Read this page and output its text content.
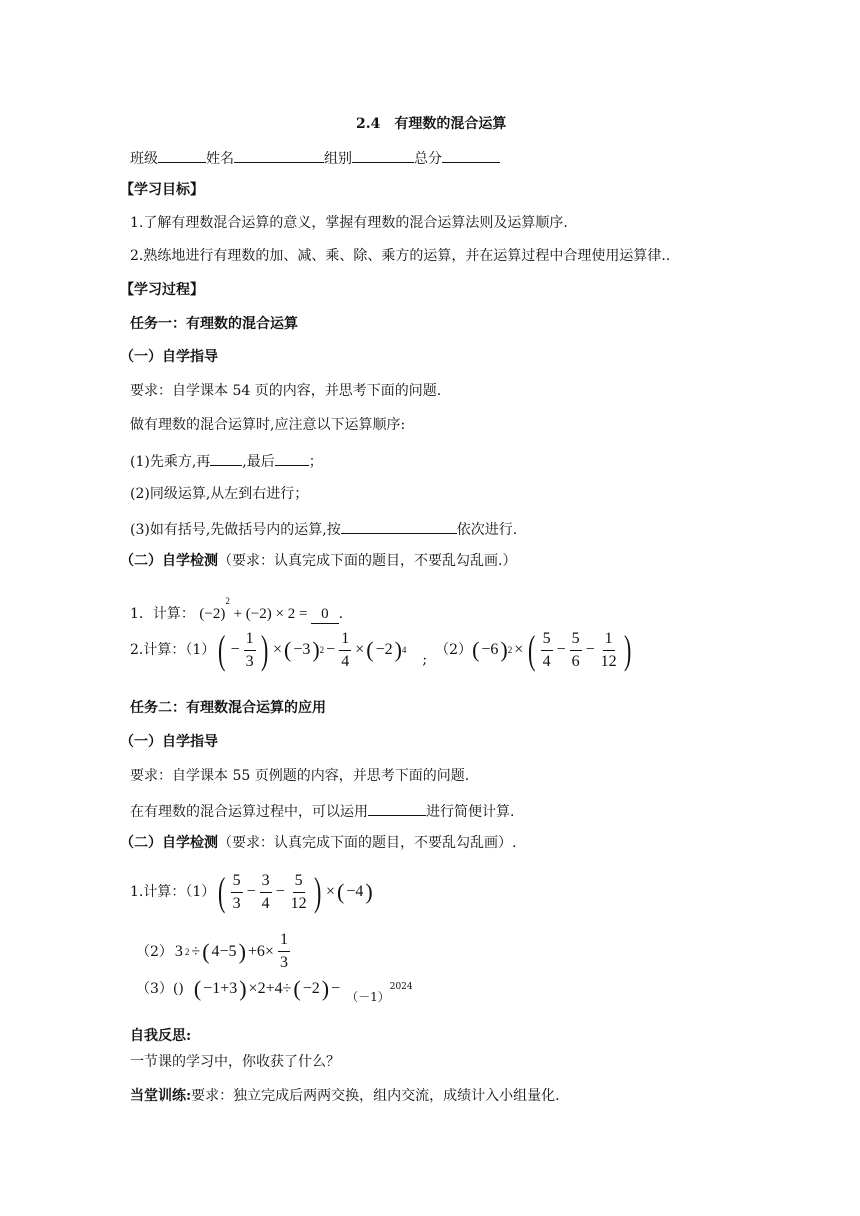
2.4　有理数的混合运算
班级	姓名	组别	总分
【学习目标】
1.了解有理数混合运算的意义，掌握有理数的混合运算法则及运算顺序.
2.熟练地进行有理数的加、减、乘、除、乘方的运算，并在运算过程中合理使用运算律..
【学习过程】
任务一：有理数的混合运算
（一）自学指导
要求：自学课本 54 页的内容，并思考下面的问题.
做有理数的混合运算时,应注意以下运算顺序:
(1)先乘方,再 ,最后 ；
(2)同级运算,从左到右进行；
(3)如有括号,先做括号内的运算,按	依次进行.
（二）自学检测（要求：认真完成下面的题目，不要乱勾乱画.）
1．计算： $(-2)^2 + (-2) \times 2 = 0$ .
2.计算：（1） ( − $\frac{1}{3}$ ) × ( −3 ) $2 - \frac{1}{4}$ × ( −2 ) 4
;
（2） ( −6 ) 2 × ( $\frac{5}{4} - \frac{5}{6} - \frac{1}{12}$ )
任务二：有理数混合运算的应用
（一）自学指导
要求：自学课本 55 页例题的内容，并思考下面的问题.
在有理数的混合运算过程中，可以运用	进行简便计算.
（二）自学检测（要求：认真完成下面的题目，不要乱勾乱画）.
1.计算：（1） ( $\frac{5}{3} - \frac{3}{4} - \frac{5}{12}$ ) × ( −4 )
（2） 3 2 ÷ ( 4−5 ) $+6\times \frac{1}{3}$
（3）() ( −1+3 ) ×2+4÷ ( −2 ) − （－1）
2024
自我反思:
一节课的学习中，你收获了什么？
当堂训练:要求：独立完成后两两交换，组内交流，成绩计入小组量化.
